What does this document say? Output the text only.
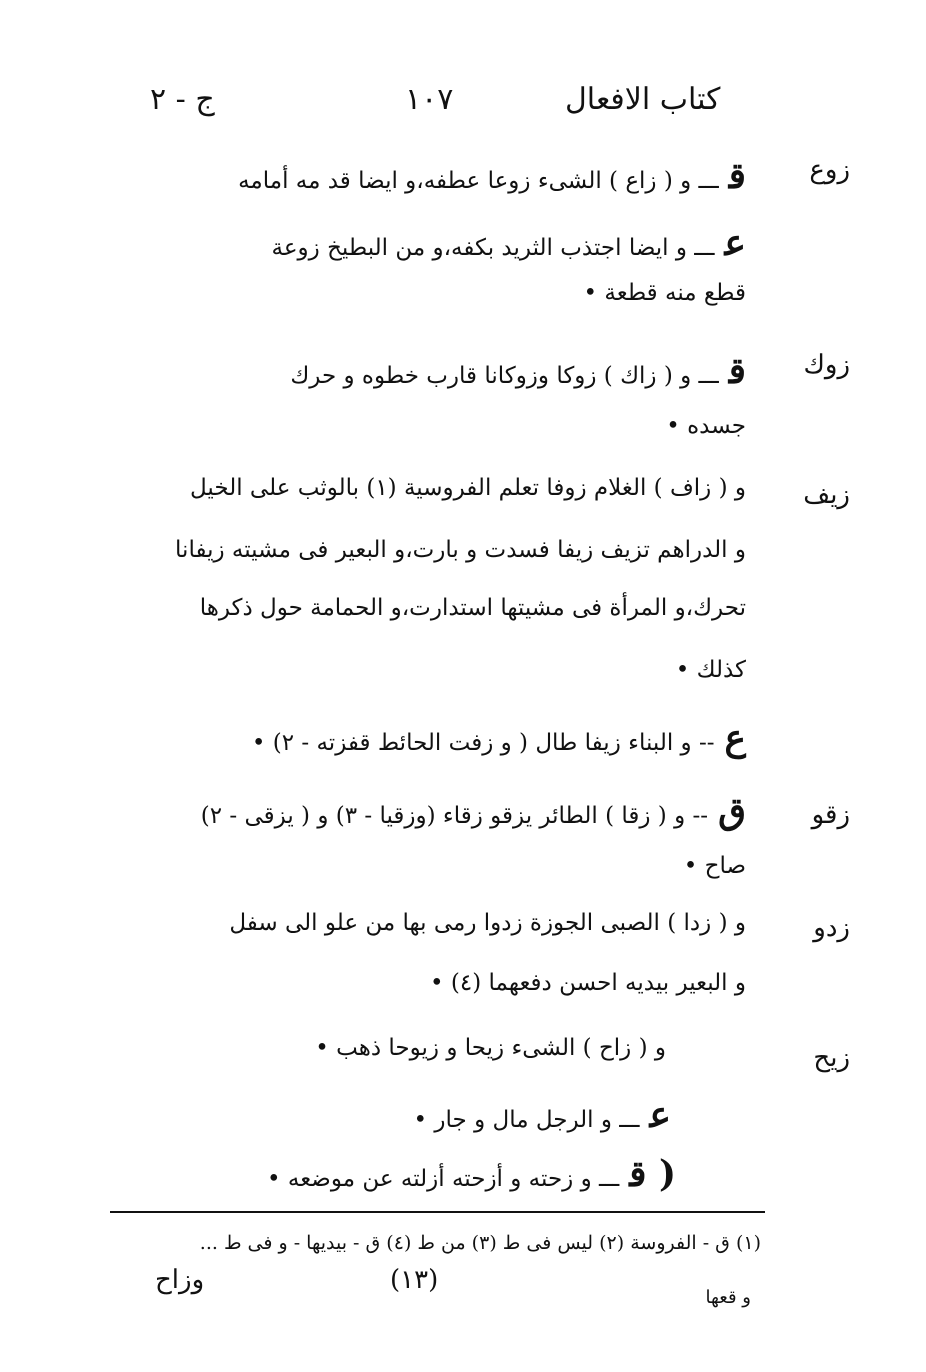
كتاب الافعال
١٠٧
ج - ٢
زوع
قـــ و ( زاع ) الشیء زوعا عطفه،و ایضا قد مه أمامه
عـــ و ایضا اجتذب الثرید بكفه،و من البطیخ زوعة
قطع منه قطعة •
زوك
قـــ و ( زاك ) زوكا وزوكانا قارب خطوه و حرك
جسده •
زيف
و ( زاف ) الغلام زوفا تعلم الفروسیة (١) بالوثب علی الخیل
و الدراهم تزیف زیفا فسدت و بارت،و البعیر فی مشیته زیفانا
تحرك،و المرأة فی مشیتها استدارت،و الحمامة حول ذكرها
كذلك •
ع-- و البناء زیفا طال ( و زفت الحائط قفزته - ٢) •
زقو
ق-- و ( زقا ) الطائر یزقو زقاء (وزقیا - ٣) و ( یزقی - ٢)
صاح •
زدو
و ( زدا ) الصبی الجوزة زدوا رمی بها من علو الی سفل
و البعیر بیدیه احسن دفعهما (٤) •
زيح
و ( زاح ) الشیء زیحا و زیوحا ذهب •
عـــ و الرجل مال و جار •
( قـــ و زحته و أزحته أزلته عن موضعه •
(١) ق - الفروسة (٢) لیس فی ط (٣) من ط (٤) ق - بیدیها - و فی ط ...
و قعها
(١٣)
وزاح
